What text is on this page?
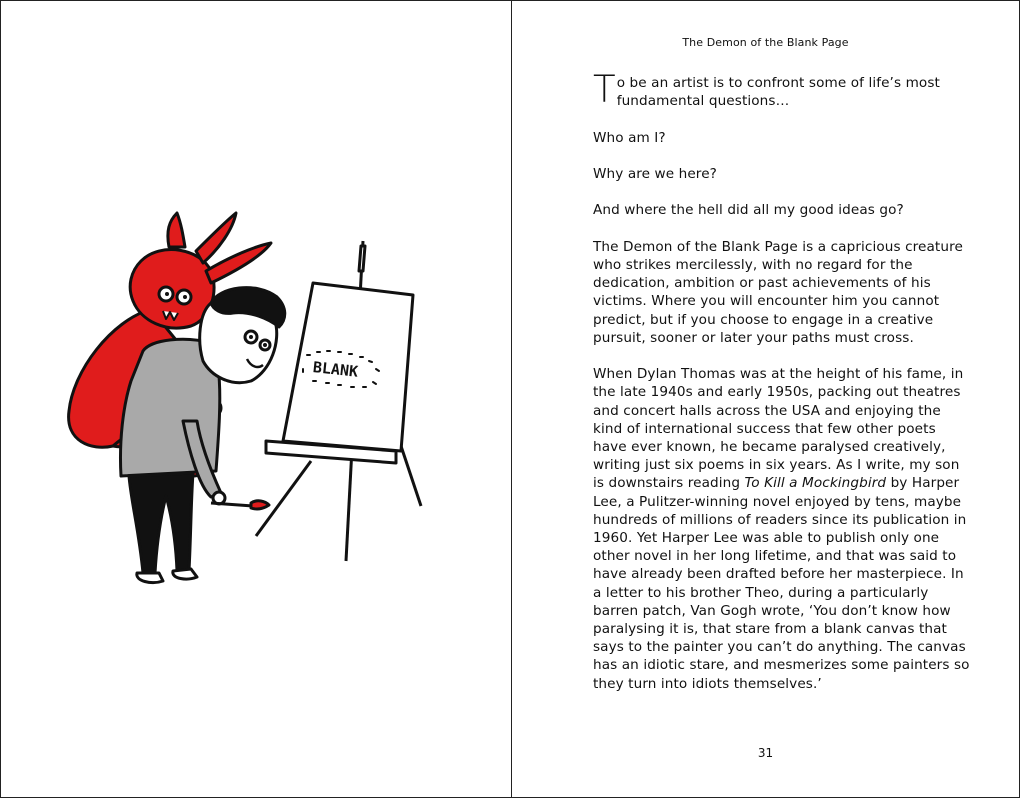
BLANK
The Demon of the Blank Page

To be an artist is to confront some of life’s most fundamental questions…

Who am I?

Why are we here?

And where the hell did all my good ideas go?

The Demon of the Blank Page is a capricious creature who strikes mercilessly, with no regard for the dedication, ambition or past achievements of his victims. Where you will encounter him you cannot predict, but if you choose to engage in a creative pursuit, sooner or later your paths must cross.

When Dylan Thomas was at the height of his fame, in the late 1940s and early 1950s, packing out theatres and concert halls across the USA and enjoying the kind of international success that few other poets have ever known, he became paralysed creatively, writing just six poems in six years. As I write, my son is downstairs reading To Kill a Mockingbird by Harper Lee, a Pulitzer-winning novel enjoyed by tens, maybe hundreds of millions of readers since its publication in 1960. Yet Harper Lee was able to publish only one other novel in her long lifetime, and that was said to have already been drafted before her masterpiece. In a letter to his brother Theo, during a particularly barren patch, Van Gogh wrote, ‘You don’t know how paralysing it is, that stare from a blank canvas that says to the painter you can’t do anything. The canvas has an idiotic stare, and mesmerizes some painters so they turn into idiots themselves.’

31
